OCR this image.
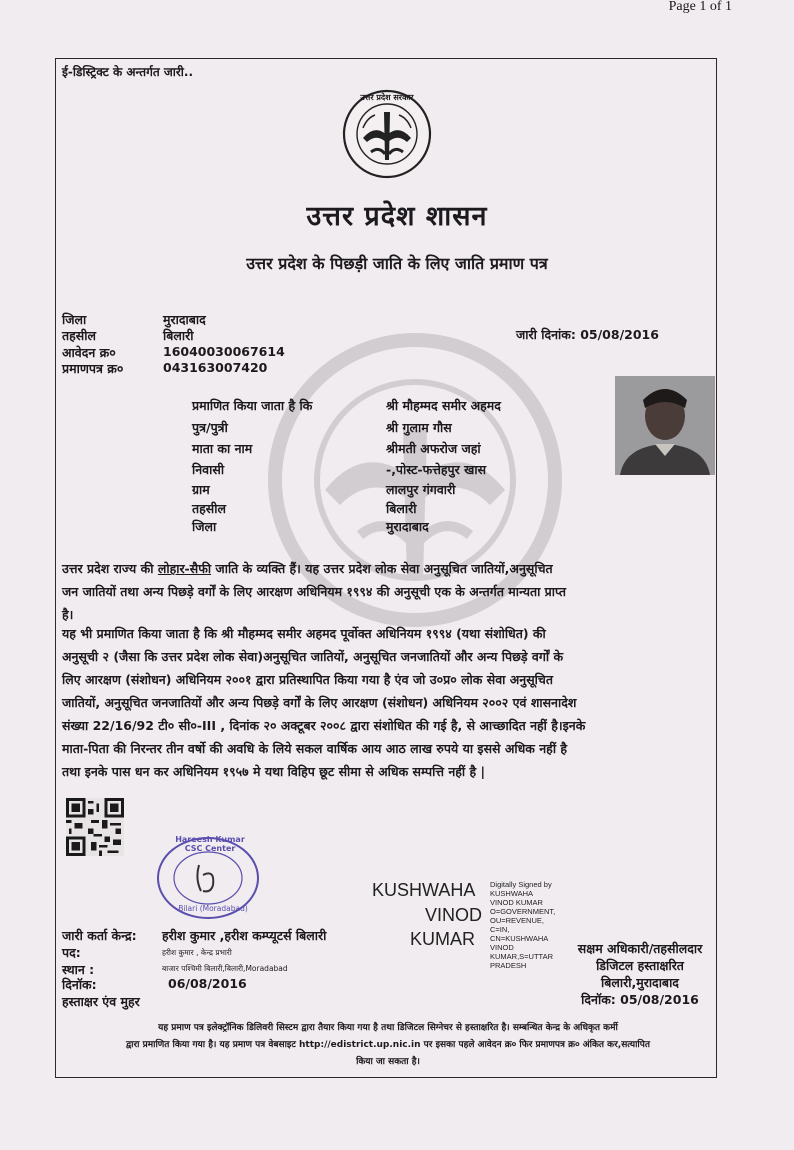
Page 1 of 1
ई-डिस्ट्रिक्ट के अन्तर्गत जारी..
उत्तर प्रदेश सरकार
उत्तर प्रदेश शासन
उत्तर प्रदेश के पिछड़ी जाति के लिए जाति प्रमाण पत्र
जिला	मुरादाबाद
तहसील	बिलारी
आवेदन क्र०	16040030067614
प्रमाणपत्र क्र०	043163007420
जारी दिनांक: 05/08/2016
प्रमाणित किया जाता है कि	श्री मौहम्मद समीर अहमद
पुत्र/पुत्री	श्री गुलाम गौस
माता का नाम	श्रीमती अफरोज जहां
निवासी	-,पोस्ट-फत्तेहपुर खास
ग्राम	लालपुर गंगवारी
तहसील	बिलारी
जिला	मुरादाबाद
उत्तर प्रदेश राज्य की लोहार-सैफी जाति के व्यक्ति हैं। यह उत्तर प्रदेश लोक सेवा अनुसूचित जातियों,अनुसूचित
जन जातियों तथा अन्य पिछड़े वर्गों के लिए आरक्षण अधिनियम १९९४ की अनुसूची एक के अन्तर्गत मान्यता प्राप्त
है।
यह भी प्रमाणित किया जाता है कि श्री मौहम्मद समीर अहमद पूर्वोक्त अधिनियम १९९४ (यथा संशोधित) की
अनुसूची २ (जैसा कि उत्तर प्रदेश लोक सेवा)अनुसूचित जातियों, अनुसूचित जनजातियों और अन्य पिछड़े वर्गों के
लिए आरक्षण (संशोधन) अधिनियम २००१ द्वारा प्रतिस्थापित किया गया है एंव जो उ०प्र० लोक सेवा अनुसूचित
जातियों, अनुसूचित जनजातियों और अन्य पिछड़े वर्गों के लिए आरक्षण (संशोधन) अधिनियम २००२ एवं शासनादेश
संख्या 22/16/92 टी० सी०-III , दिनांक २० अक्टूबर २००८ द्वारा संशोधित की गई है, से आच्छादित नहीं है।इनके
माता-पिता की निरन्तर तीन वर्षो की अवधि के लिये सकल वार्षिक आय आठ लाख रुपये या इससे अधिक नहीं है
तथा इनके पास धन कर अधिनियम १९५७ मे यथा विहिप छूट सीमा से अधिक सम्पत्ति नहीं है |
Hareesh Kumar CSC Center
Bilari (Moradabad)
जारी कर्ता केन्द्र: हरीश कुमार ,हरीश कम्प्यूटर्स बिलारी
पद:	हरीश कुमार , केन्द्र प्रभारी
स्थान :	बाजार पश्चिमी बिलारी,बिलारी,Moradabad
दिनॉक:	06/08/2016
हस्ताक्षर एंव मुहर
KUSHWAHA
VINOD
KUMAR
Digitally Signed by
KUSHWAHA
VINOD KUMAR
O=GOVERNMENT,
OU=REVENUE,
C=IN,
CN=KUSHWAHA
VINOD
KUMAR,S=UTTAR
PRADESH
सक्षम अधिकारी/तहसीलदार
डिजिटल हस्ताक्षरित
बिलारी,मुरादाबाद
दिनॉक: 05/08/2016
यह प्रमाण पत्र इलेक्ट्रॉनिक डिलिवरी सिस्टम द्वारा तैयार किया गया है तथा डिजिटल सिग्नेचर से हस्ताक्षरित है। सम्बन्धित केन्द्र के अधिकृत कर्मी
द्वारा प्रमाणित किया गया है। यह प्रमाण पत्र वेबसाइट http://edistrict.up.nic.in पर इसका पहले आवेदन क्र० फिर प्रमाणपत्र क्र० अंकित कर,सत्यापित
किया जा सकता है।
